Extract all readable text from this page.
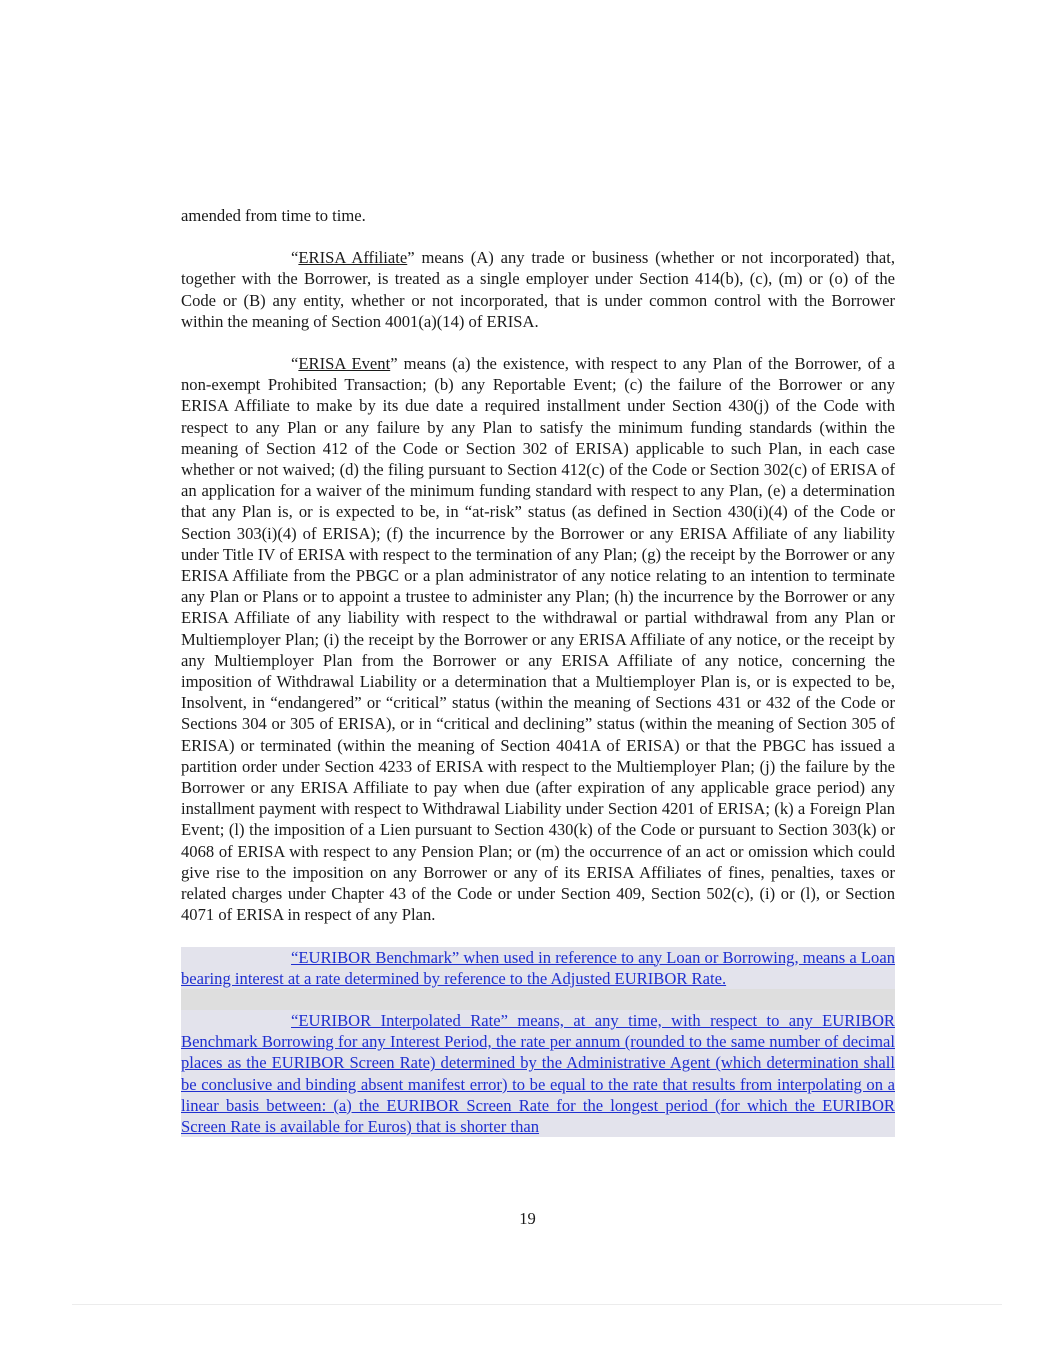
amended from time to time.

“ERISA Affiliate” means (A) any trade or business (whether or not incorporated) that, together with the Borrower, is treated as a single employer under Section 414(b), (c), (m) or (o) of the Code or (B) any entity, whether or not incorporated, that is under common control with the Borrower within the meaning of Section 4001(a)(14) of ERISA.

“ERISA Event” means (a) the existence, with respect to any Plan of the Borrower, of a non-exempt Prohibited Transaction; (b) any Reportable Event; (c) the failure of the Borrower or any ERISA Affiliate to make by its due date a required installment under Section 430(j) of the Code with respect to any Plan or any failure by any Plan to satisfy the minimum funding standards (within the meaning of Section 412 of the Code or Section 302 of ERISA) applicable to such Plan, in each case whether or not waived; (d) the filing pursuant to Section 412(c) of the Code or Section 302(c) of ERISA of an application for a waiver of the minimum funding standard with respect to any Plan, (e) a determination that any Plan is, or is expected to be, in “at-risk” status (as defined in Section 430(i)(4) of the Code or Section 303(i)(4) of ERISA); (f) the incurrence by the Borrower or any ERISA Affiliate of any liability under Title IV of ERISA with respect to the termination of any Plan; (g) the receipt by the Borrower or any ERISA Affiliate from the PBGC or a plan administrator of any notice relating to an intention to terminate any Plan or Plans or to appoint a trustee to administer any Plan; (h) the incurrence by the Borrower or any ERISA Affiliate of any liability with respect to the withdrawal or partial withdrawal from any Plan or Multiemployer Plan; (i) the receipt by the Borrower or any ERISA Affiliate of any notice, or the receipt by any Multiemployer Plan from the Borrower or any ERISA Affiliate of any notice, concerning the imposition of Withdrawal Liability or a determination that a Multiemployer Plan is, or is expected to be, Insolvent, in “endangered” or “critical” status (within the meaning of Sections 431 or 432 of the Code or Sections 304 or 305 of ERISA), or in “critical and declining” status (within the meaning of Section 305 of ERISA) or terminated (within the meaning of Section 4041A of ERISA) or that the PBGC has issued a partition order under Section 4233 of ERISA with respect to the Multiemployer Plan; (j) the failure by the Borrower or any ERISA Affiliate to pay when due (after expiration of any applicable grace period) any installment payment with respect to Withdrawal Liability under Section 4201 of ERISA; (k) a Foreign Plan Event; (l) the imposition of a Lien pursuant to Section 430(k) of the Code or pursuant to Section 303(k) or 4068 of ERISA with respect to any Pension Plan; or (m) the occurrence of an act or omission which could give rise to the imposition on any Borrower or any of its ERISA Affiliates of fines, penalties, taxes or related charges under Chapter 43 of the Code or under Section 409, Section 502(c), (i) or (l), or Section 4071 of ERISA in respect of any Plan.

“EURIBOR Benchmark” when used in reference to any Loan or Borrowing, means a Loan bearing interest at a rate determined by reference to the Adjusted EURIBOR Rate.

“EURIBOR Interpolated Rate” means, at any time, with respect to any EURIBOR Benchmark Borrowing for any Interest Period, the rate per annum (rounded to the same number of decimal places as the EURIBOR Screen Rate) determined by the Administrative Agent (which determination shall be conclusive and binding absent manifest error) to be equal to the rate that results from interpolating on a linear basis between: (a) the EURIBOR Screen Rate for the longest period (for which the EURIBOR Screen Rate is available for Euros) that is shorter than

19
